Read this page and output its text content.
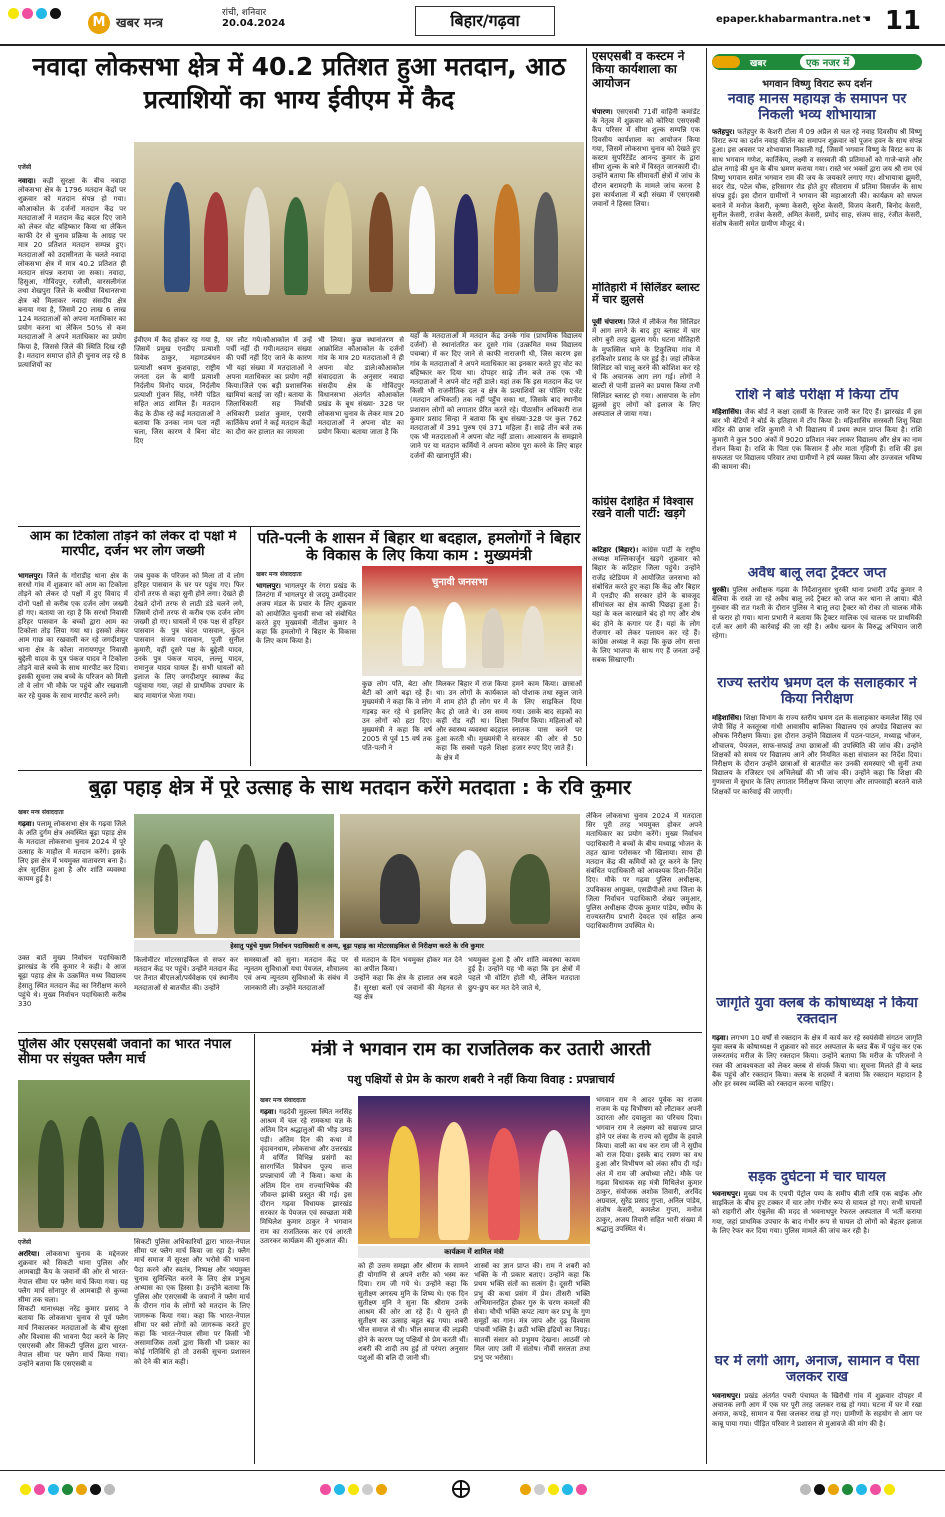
M खबर मन्त्र
रांची, शनिवार
20.04.2024	बिहार/गढ़वा	epaper.khabarmantra.net ☚ 11
नवादा लोकसभा क्षेत्र में 40.2 प्रतिशत हुआ मतदान, आठ प्रत्याशियों का भाग्य ईवीएम में कैद
एजेंसी
नवादा। कड़ी सुरक्षा के बीच नवादा लोकसभा क्षेत्र के 1796 मतदान केंद्रों पर शुक्रवार को मतदान संपन्न हो गया। कौआकोल के दर्जनों मतदान केंद्र पर मतदाताओं ने मतदान केंद्र बदल दिए जाने को लेकर वोट बहिष्कार किया था लेकिन काफी देर से चुनाव प्रक्रिया के आग्रह पर मात्र 20 प्रतिशत मतदान सम्पन्न हुए।मतदाताओं को उदासीनता के चलते नवादा लोकसभा क्षेत्र में मात्र 40.2 प्रतिशत ही मतदान संपन्न कराया जा सका। नवादा, हिसुआ, गोविंदपुर, रजौली, वारसलीगंज तथा शेखपुरा जिले के बरबीघा विधानसभा क्षेत्र को मिलाकर नवादा संसदीय क्षेत्र बनाया गया है, जिसमें 20 लाख 6 लाख 124 मतदाताओं को अपना मताधिकार का प्रयोग करना था लेकिन 50% से कम मतदाताओं ने अपने मताधिकार का प्रयोग किया है, जिससे जिले की स्थिति दिख रही है। मतदान समाप्त होते ही चुनाव लड़ रहे 8 प्रत्याशियों का
ईवीएम में कैद होकर रह गया है, जिसमें प्रमुख एनडीए प्रत्याशी विवेक ठाकुर, महागठबंधन प्रत्याशी श्रवण कुशवाहा, राष्ट्रीय जनता दल के बागी प्रत्याशी निर्दलीय विनोद यादव, निर्दलीय प्रत्याशी गुंजन सिंह, गनेरी पंडित सहित आठ शामिल हैं। मतदान केंद्र के ठीक रहे कई मतदाताओं ने बताया कि उनका नाम पता नहीं चला, जिस कारण वे बिना वोट दिए
घर लौट गये।कौआकोल में उन्हें पर्ची नहीं दी गयी।मतदान संख्या की पर्ची नहीं दिए जाने के कारण भी यहां संख्या में मतदाताओं ने अपना मताधिकार का प्रयोग नहीं किया।जिले एक बड़ी प्रशासनिक खामियां बताई जा रही। बताया के जिलाधिकारी सह निर्वाची अधिकारी प्रशांत कुमार, एसपी कार्तिकेय शर्मा ने कई मतदान केंद्रों का दौरा कर हालात का जायजा
भी लिया। कुछ स्थानांतरण से आक्रोशित कौआकोल के दर्जनों गांव के मात्र 20 मतदाताओं ने ही अपना वोट डाले।कौआकोल संवाददाता के अनुसार नवादा संसदीय क्षेत्र के गोविंदपुर विधानसभा अंतर्गत कौआकोल प्रखंड के बूथ संख्या- 328 पर लोकसभा चुनाव के लेकर मात्र 20 मतदाताओं ने अपना वोट का प्रयोग किया। बताया जाता है कि
यहाँ के मतदाताओं में मतदान केंद्र उनके गांव (प्राथमिक विद्यालय दर्जनों) से स्थानांतरित कर दूसरे गांव (उत्क्रमित मध्य विद्यालय पचम्बा) में कर दिए जाने से काफी नाराजगी थी, जिस कारण इस गांव के मतदाताओं ने अपने मताधिकार का इनकार करते हुए वोट का बहिष्कार कर दिया था। दोपहर साढ़े तीन बजे तक एक भी मतदाताओं ने अपने वोट नहीं डाले। यहां तक कि इस मतदान केंद्र पर किसी भी राजनीतिक दल व क्षेत्र के प्रत्याशियों का पोलिंग एजेंट (मतदान अभिकर्ता) तक नहीं पहुँच सका था, जिसके बाद स्थानीय प्रशासन लोगों को लगातार प्रेरित करते रहे। पीठासीन अधिकारी राज कुमार प्रसाद सिन्हा ने बताया कि बूथ संख्या-328 पर कुल 762 मतदाताओं में 391 पुरुष एवं 371 महिला हैं। साढ़े तीन बजे तक एक भी मतदाताओं ने अपना वोट नहीं डाला। आश्वासन के समझाने जाने पर या मतदान कर्मियों ने अपना कोरम पूरा करने के लिए बाहर दर्जनों की खानापूर्ति की।
एसएसबी व कस्टम ने किया कार्यशाला का आयोजन
चंपारण। एसएसबी 71वीं वाहिनी कमांडेंट के नेतृत्व में शुक्रवार को कोरिया एसएसबी कैंप परिसर में सीमा शुल्क सम्पन्नि एक दिवसीय कार्यशाला का आयोजन किया गया, जिसमें लोकसभा चुनाव को देखते हुए कस्टम सुपरिंटेंडेंट आनन्द कुमार के द्वारा सीमा शुल्क के बारे में विस्तृत जानकारी दी। उन्होंने बताया कि सीमावर्ती क्षेत्रों में जांच के दौरान बरामदगी के मामले जांच करना है इस कार्यशाला में बड़ी संख्या में एसएसबी जवानों ने हिस्सा लिया।
मोतिहारी में सिलिंडर ब्लास्ट में चार झुलसे
पूर्वी चंपारण। जिले में लीकेज गैस सिलिंडर में आग लगने के बाद हुए ब्लास्ट में चार लोग बुरी तरह झुलस गये। घटना मोतिहारी के मुफस्सिल थाने के टिकुलिया गांव में हरकिशोर प्रसाद के घर हुई है। जहां लीकेज सिलिंडर को चालू करने की कोशिश कर रहे थे कि अचानक आग लग गई। लोगों ने बाल्टी से पानी डालने का प्रयास किया तभी सिलिंडर ब्लास्ट हो गया। आसपास के लोग झुलसे हुए लोगों को इलाज के लिए अस्पताल ले जाया गया।
कांग्रेस देशहित में विश्वास रखने वाली पार्टी: खड़गे
कटिहार (बिहार)। कांग्रेस पार्टी के राष्ट्रीय अध्यक्ष मल्लिकार्जुन खड़गे शुक्रवार को बिहार के कटिहार जिला पहुंचे। उन्होंने राजेंद्र स्टेडियम में आयोजित जनसभा को संबोधित करते हुए कहा कि केंद्र और बिहार में एनडीए की सरकार होने के बावजूद सीमांचल का क्षेत्र काफी पिछड़ा हुआ है। यहां के कल कारखाने बंद हो गए और शेष बंद होने के कगार पर हैं। यहां के लोग रोजगार को लेकर पलायन कर रहे हैं। कांग्रेस अध्यक्ष ने कहा कि कुछ लोग सत्ता के लिए भाजपा के साथ गए हैं जनता उन्हें सबक सिखाएगी।
आम का टिकोला तोड़ने को लेकर दो पक्षों में मारपीट, दर्जन भर लोग जख्मी
भागलपुर। जिले के गोराडीह थाना क्षेत्र के सरधो गांव में शुक्रवार को आम का टिकोला तोड़ने को लेकर दो पक्षों में हुए विवाद में दोनों पक्षों से करीब एक दर्जन लोग जख्मी हो गए। बताया जा रहा है कि सरधो निवासी हरिहर पासवान के बच्चों द्वारा आम का टिकोला तोड़ लिया गया था। इसको लेकर आम गाछ का रखवाली कर रहे जगदीशपुर थाना क्षेत्र के कोला नारायणपुर निवासी बुद्देली यादव के पुत्र पंकज यादव ने टिकोला तोड़ने वाले बच्चे के साथ मारपीट कर दिया। इसकी सूचना जब बच्चे के परिजन को मिली तो वे लोग भी मौके पर पहुंचे और रखवाली कर रहे युवक के साथ मारपीट करने लगे।
जब युवक के परिजन को मिला तो वे लोग हरिहर पासवान के घर पर पहुंच गए। फिर दोनों तरफ से कहा सुनी होने लगा। देखते ही देखते दोनों तरफ से लाठी डंडे चलने लगे, जिसमें दोनों तरफ से करीब एक दर्जन लोग जख्मी हो गए। घायलों में एक पक्ष से हरिहर पासवान के पुत्र चंदन पासवान, कुंदन पासवान संजय पासवान, पूजी सुनील कुमारी, वहीं दूसरे पक्ष के बुद्देली यादव, उनके पुत्र पंकज यादव, लल्लू यादव, रामानुज यादव घायल हैं। सभी घायलों को इलाज के लिए जगदीशपुर स्वास्थ्य केंद्र पहुंचाया गया, जहां से प्राथमिक उपचार के बाद मायागंज भेजा गया।
पति-पत्नी के शासन में बिहार था बदहाल, हमलोगों ने बिहार के विकास के लिए किया काम : मुख्यमंत्री
खबर मन्त्र संवाददाता
भागलपुर। भागलपुर के रंगरा प्रखंड के तिनटंगा में भागलपुर से जदयू उम्मीदवार अजय मंडल के प्रचार के लिए शुक्रवार को आयोजित चुनावी सभा को संबोधित करते हुए मुख्यमंत्री नीतीश कुमार ने कहा कि हमलोगों ने बिहार के विकास के लिए काम किया है।
चुनावी जनसभा
कुछ लोग पति, बेटा और बेटी को आगे बढ़ा रहे हैं। मुख्यमंत्री ने कहा कि वे लोग गड़बड़ कर रहे थे इसलिए उन लोगों को हटा दिए। मुख्यमंत्री ने कहा कि वर्ष 2005 से पूर्व 15 वर्ष तक पति-पत्नी ने
मिलकर बिहार में राज किया था। उन लोगों के कार्यकाल में शाम होते ही लोग घर में कैद हो जाते थे। उस समय कहीं रोड नहीं था। शिक्षा और स्वास्थ्य व्यवस्था बदहाल हुआ करती थी। मुख्यमंत्री ने कहा कि सबसे पहले शिक्षा के क्षेत्र में
हमने काम किया। छात्राओं को पोशाक तथा स्कूल जाने के लिए साइकिल दिया गया। उसके बाद सड़कों का निर्माण किया। महिलाओं को स्नातक पास करने पर सरकार की ओर से 50 हजार रुपए दिए जाते हैं।
बुढ़ा पहाड़ क्षेत्र में पूरे उत्साह के साथ मतदान करेंगे मतदाता : के रवि कुमार
खबर मन्त्र संवाददाता
गढ़वा। पलामू लोकसभा क्षेत्र के गढ़वा जिले के अति दुर्गम क्षेत्र अवस्थित बूढ़ा पहाड़ क्षेत्र के मतदाता लोकसभा चुनाव 2024 में पूरे उत्साह के माहौल में मतदान करेंगे। इसके लिए इस क्षेत्र में भयमुक्त वातावरण बना है। क्षेत्र सुरक्षित हुआ है और शांति व्यवस्था कायम हुई है।
हेसातु पहुंचे मुख्य निर्वाचन पदाधिकारी व अन्य, बूढ़ा पहाड़ का मोटरसाइकिल से निरीक्षण करते के रवि कुमार
उक्त बातें मुख्य निर्वाचन पदाधिकारी झारखंड के रवि कुमार ने कही। वे आज बूढ़ा पहाड़ क्षेत्र के उत्क्रमित मध्य विद्यालय हेसातु स्थित मतदान केंद्र का निरीक्षण करने पहुंचे थे। मुख्य निर्वाचन पदाधिकारी करीब 330
किलोमीटर मोटरसाइकिल से सफर कर मतदान केंद्र पर पहुंचे। उन्होंने मतदान केंद्र पर तैनात बीएलओ/पर्यवेक्षक एवं स्थानीय मतदाताओं से बातचीत की। उन्होंने
समस्याओं को सुना। मतदान केंद्र पर न्यूनतम सुविधाओं यथा पेयजल, शौचालय एवं अन्य न्यूनतम सुविधाओं के संबंध में जानकारी ली। उन्होंने मतदाताओं
से मतदान के दिन भयमुक्त होकर मत देने का अपील किया।
उन्होंने कहा कि क्षेत्र के हालात अब बदले हैं। सुरक्षा बलों एवं जवानों की मेहनत से यह क्षेत्र
भयमुक्त हुआ है और शांति व्यवस्था कायम हुई है। उन्होंने यह भी कहा कि इन क्षेत्रों में पहले भी वोटिंग होती थी, लेकिन मतदाता छुप-छुप कर मत देने जाते थे,
लेकिन लोकसभा चुनाव 2024 में मतदाता सिर पूरी तरह भयमुक्त होकर अपने मताधिकार का प्रयोग करेंगे। मुख्य निर्वाचन पदाधिकारी ने बच्चों के बीच मध्याह्न भोजन के तहत खाना परोसकर भी खिलाया। साथ ही मतदान केंद्र की कमियों को दूर करने के लिए संबंधित पदाधिकारी को आवश्यक दिशा-निर्देश दिए। मौके पर गढ़वा पुलिस अधीक्षक, उपविकास आयुक्त, एसडीपीओ तथा जिला के जिला निर्वाचन पदाधिकारी शेखर जमुआर, पुलिस अधीक्षक दीपक कुमार पांडेय, स्थीय के राज्यस्तरीय प्रभारी देवदत्त एवं सहित अन्य पदाधिकारीगण उपस्थित थे।
पुलिस और एसएसबी जवानों का भारत नेपाल सीमा पर संयुक्त फ्लैग मार्च
एजेंसी
अररिया। लोकसभा चुनाव के मद्देनजर शुक्रवार को सिकटी थाना पुलिस और आमबाड़ी कैंप के जवानों की ओर से भारत-नेपाल सीमा पर फ्लैग मार्च किया गया। यह फ्लैग मार्च सोनापुर से आमबाड़ी से कुच्चा सीमा तक चला।
सिकटी थानाध्यक्ष नरेंद्र कुमार प्रसाद ने बताया कि लोकसभा चुनाव से पूर्व फ्लैग मार्च निकालकर मतदाताओं के बीच सुरक्षा और विश्वास की भावना पैदा करने के लिए एसएसबी और सिकटी पुलिस द्वारा भारत-नेपाल सीमा पर फ्लैग मार्च किया गया। उन्होंने बताया कि एसएसबी व
सिकटी पुलिस अधिकारियों द्वारा भारत-नेपाल सीमा पर फ्लैग मार्च किया जा रहा है। फ्लैग मार्च समाज में सुरक्षा और भरोसे की भावना पैदा करने और स्वतंत्र, निष्पक्ष और भयमुक्त चुनाव सुनिश्चित करने के लिए क्षेत्र प्रभुत्व अभ्यास का एक हिस्सा है। उन्होंने बताया कि पुलिस और एसएसबी के जवानों ने फ्लैग मार्च के दौरान गांव के लोगों को मतदान के लिए जागरूक किया गया। कहा कि भारत-नेपाल सीमा पर बसे लोगों को जागरूक करते हुए कहा कि भारत-नेपाल सीमा पर किसी भी असामाजिक तत्वों द्वारा किसी भी प्रकार का कोई गतिविधि हो तो उसकी सूचना प्रशासन को देने की बात कही।
मंत्री ने भगवान राम का राजतिलक कर उतारी आरती
पशु पक्षियों से प्रेम के कारण शबरी ने नहीं किया विवाह : प्रपन्नाचार्य
खबर मन्त्र संवाददाता
गढ़वा। गढ़देवी मुहल्ला स्थित नरसिंह आश्रम में चल रहे रामकथा यज्ञ के अंतिम दिन श्रद्धालुओं की भीड़ उमड़ पड़ी। अंतिम दिन की कथा में वृंदावनधाम, लोकसभा और उत्तरखंड में वर्णित विभिन्न प्रसंगों का सारगर्भित विवेचन पूज्य सन्त प्रपन्नाचार्य जी ने किया। कथा के अंतिम दिन राम राज्याभिषेक की जीवन्त झांकी प्रस्तुत की गई। इस दौरान गढ़वा विधायक झारखंड सरकार के पेयजल एवं स्वच्छता मंत्री मिथिलेश कुमार ठाकुर ने भगवान राम का राजतिलक कर एवं आरती उतारकर कार्यक्रम की शुरुआत की।
कार्यक्रम में शामिल मंत्री
को ही उत्तम समझा और श्रीराम के सामने ही योगाग्नि से अपने शरीर को भस्म कर दिया। राम जी गये थे। उन्होंने कहा कि सुतीक्ष्ण अगस्त्य मुनि के शिष्य थे। एक दिन सुतीक्ष्ण मुनि ने सुना कि श्रीराम उनके आश्रम की ओर आ रहे हैं। ये सुनते ही सुतीक्ष्ण का उत्साह बहुत बढ़ गया। शबरी भील समाज से थी। भील समाज की लड़की होने के कारण पशु पक्षियों से प्रेम करती थीं। शबरी की शादी तय हुई तो परंपरा अनुसार पशुओं की बलि दी जानी थी।
शास्त्रों का ज्ञान प्राप्त की। राम ने शबरी को भक्ति के नौ प्रकार बताए। उन्होंने कहा कि प्रथम भक्ति संतों का सत्संग है। दूसरी भक्ति प्रभु की कथा प्रसंग में प्रेम। तीसरी भक्ति अभिमानरहित होकर गुरु के चरण कमलों की सेवा। चौथी भक्ति कपट त्याग कर प्रभु के गुण समूहों का गान। मंत्र जाप और दृढ़ विश्वास पांचवीं भक्ति है। छठी भक्ति इंद्रियों का निग्रह। सातवीं संसार को प्रभुमय देखना। आठवीं जो मिल जाए उसी में संतोष। नौवीं सरलता तथा प्रभु पर भरोसा।
भगवान राम ने आदर पूर्वक का राजम राजम के यह विभीषण को लौटाकर अपनी उदारता और दयालुता का परिचय दिया। भगवान राम ने लक्ष्मण को सम्राज्य प्राप्त होने पर लंका के राज्य को सुग्रीव के हवाले किया। वाली का वध कर राम जी ने सुग्रीव को राज दिया। इसके बाद रावण का वध हुआ और विभीषण को लंका सौंप दी गई। अंत में राम जी अयोध्या लौटे। मौके पर गढ़वा विधायक सह मंत्री मिथिलेश कुमार ठाकुर, संयोजक अशोक तिवारी, अरविंद अग्रवाल, सुरेंद्र प्रसाद गुप्ता, अनिल पांडेय, संतोष केसरी, कमलेश गुप्ता, मनोज ठाकुर, अजय तिवारी सहित भारी संख्या में श्रद्धालु उपस्थित थे।
खबर	एक नजर में
भगवान विष्णु विराट रूप दर्शन
नवाह मानस महायज्ञ के समापन पर निकली भव्य शोभायात्रा
फतेहपुर। फतेहपुर के केशरी टोला में 09 अप्रैल से चल रहे नवाह दिवसीय श्री विष्णु विराट रूप का दर्शन नवाह कीर्तन का समापन शुक्रवार को पूजन हवन के साथ संपन्न हुआ। इस अवसर पर शोभायात्रा निकाली गई, जिसमें भगवान विष्णु के विराट रूप के साथ भगवान गणेश, कार्तिकेय, लक्ष्मी व सरस्वती की प्रतिमाओं को गाजे-बाजे और ढोल नगाड़े की धुन के बीच भ्रमण कराया गया। रास्ते भर भक्तों द्वारा जय श्री राम एवं विष्णु भगवान समेत भगवान राम की जय के जयकारे लगाए गए। शोभायात्रा झुमरी, सदर रोड, पटेल चौक, हरिसागर रोड होते हुए सीताराम में प्रतिमा विसर्जन के साथ संपन्न हुई। इस दौरान ग्रामीणों ने भगवान की महाआरती की। कार्यक्रम को सफल बनाने में मनोज केसरी, कृष्णा केसरी, सुरेश केसरी, विजय केसरी, बिनोद केसरी, सुनील केसरी, राजेश केसरी, अमित केसरी, प्रमोद साह, संजय साह, रंजीत केसरी, संतोष केसरी समेत ग्रामीण मौजूद थे।
राशि ने बोर्ड परीक्षा में किया टॉप
महिशासिंघ। जैक बोर्ड ने कक्षा दसवीं के रिजल्ट जारी कर दिए हैं। झारखंड में इस बार भी बेटियों ने बोर्ड के इतिहास में टॉप किया है। महिशासिंघ सरस्वती शिशु विद्या मंदिर की छात्रा राशि कुमारी ने भी विद्यालय में प्रथम स्थान प्राप्त किया है। राशि कुमारी ने कुल 500 अंकों में 9020 प्रतिशत नंबर लाकर विद्यालय और क्षेत्र का नाम रोशन किया है। राशि के पिता एक किसान हैं और माता गृहिणी हैं। राशि की इस सफलता पर विद्यालय परिवार तथा ग्रामीणों ने हर्ष व्यक्त किया और उज्जवल भविष्य की कामना की।
अवैध बालू लदा ट्रैक्टर जप्त
धुरकी। पुलिस अधीक्षक गढ़वा के निर्देशानुसार धुरकी थाना प्रभारी उपेंद्र कुमार ने बेलिया के रास्ते जा रहे अवैध बालू लदे ट्रैक्टर को जप्त कर थाना ले आया। बीते गुरुवार की रात गश्ती के दौरान पुलिस ने बालू लदा ट्रैक्टर को रोका तो चालक मौके से फरार हो गया। थाना प्रभारी ने बताया कि ट्रैक्टर मालिक एवं चालक पर प्राथमिकी दर्ज कर आगे की कार्रवाई की जा रही है। अवैध खनन के विरुद्ध अभियान जारी रहेगा।
राज्य स्तरीय भ्रमण दल के सलाहकार ने किया निरीक्षण
महिशासिंघ। शिक्षा विभाग के राज्य स्तरीय भ्रमण दल के सलाहकार कमलेश सिंह एवं जेपी सिंह ने कस्तूरबा गांधी आवासीय बालिका विद्यालय एवं अपग्रेड विद्यालय का औचक निरीक्षण किया। इस दौरान उन्होंने विद्यालय में पठन-पाठन, मध्याह्न भोजन, शौचालय, पेयजल, साफ-सफाई तथा छात्राओं की उपस्थिति की जांच की। उन्होंने शिक्षकों को समय पर विद्यालय आने और नियमित कक्षा संचालन का निर्देश दिया। निरीक्षण के दौरान उन्होंने छात्राओं से बातचीत कर उनकी समस्याएं भी सुनीं तथा विद्यालय के रजिस्टर एवं अभिलेखों की भी जांच की। उन्होंने कहा कि शिक्षा की गुणवत्ता में सुधार के लिए लगातार निरीक्षण किया जाएगा और लापरवाही बरतने वाले शिक्षकों पर कार्रवाई की जाएगी।
जागृति युवा क्लब के कोषाध्यक्ष ने किया रक्तदान
गढ़वा। लगभग 10 वर्षों से रक्तदान के क्षेत्र में कार्य कर रहे स्वयंसेवी संगठन जागृति युवा क्लब के कोषाध्यक्ष ने शुक्रवार को सदर अस्पताल के ब्लड बैंक में पहुंच कर एक जरूरतमंद मरीज के लिए रक्तदान किया। उन्होंने बताया कि मरीज के परिजनों ने रक्त की आवश्यकता को लेकर क्लब से संपर्क किया था। सूचना मिलते ही वे ब्लड बैंक पहुंचे और रक्तदान किया। क्लब के सदस्यों ने बताया कि रक्तदान महादान है और हर स्वस्थ व्यक्ति को रक्तदान करना चाहिए।
सड़क दुर्घटना में चार घायल
भवनाथपुर। मुख्य पथ के एचपी पेट्रोल पम्प के समीप बीती रात्रि एक बाईक और साइकिल के बीच हुए टक्कर में चार लोग गंभीर रूप से घायल हो गए। सभी घायलों को राहगीरों और एंबुलेंस की मदद से भवनाथपुर रेफरल अस्पताल में भर्ती कराया गया, जहां प्राथमिक उपचार के बाद गंभीर रूप से घायल दो लोगों को बेहतर इलाज के लिए रेफर कर दिया गया। पुलिस मामले की जांच कर रही है।
घर में लगी आग, अनाज, सामान व पैसा जलकर राख
भवनाथपुर। प्रखंड अंतर्गत पचरी पंचायत के खिरौधी गांव में शुक्रवार दोपहर में अचानक लगी आग में एक घर पूरी तरह जलकर राख हो गया। घटना में घर में रखा अनाज, कपड़े, सामान व पैसा जलकर राख हो गए। ग्रामीणों के सहयोग से आग पर काबू पाया गया। पीड़ित परिवार ने प्रशासन से मुआवजे की मांग की है।
